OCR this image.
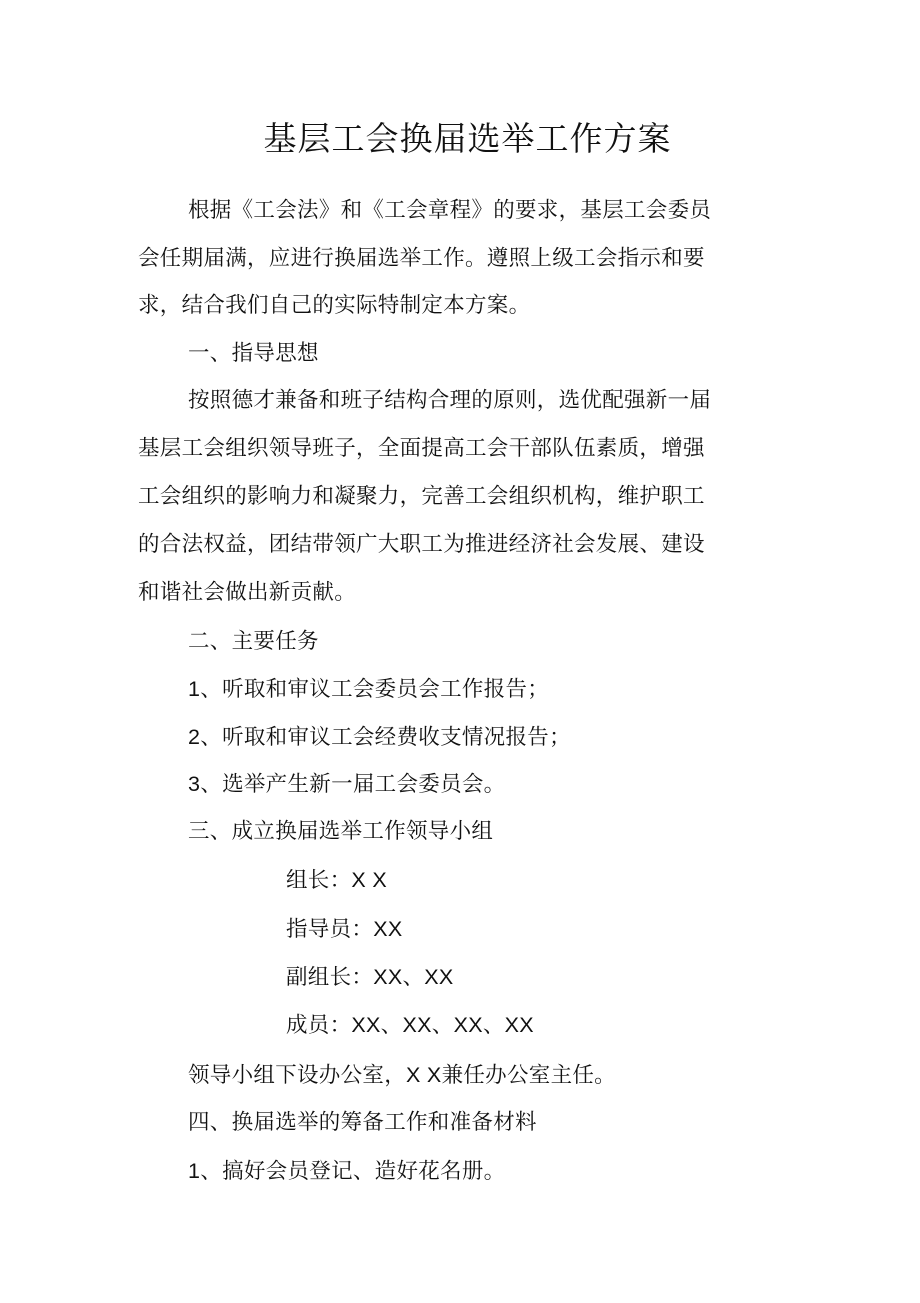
基层工会换届选举工作方案

根据《工会法》和《工会章程》的要求，基层工会委员

会任期届满，应进行换届选举工作。遵照上级工会指示和要

求，结合我们自己的实际特制定本方案。

一、指导思想

按照德才兼备和班子结构合理的原则，选优配强新一届

基层工会组织领导班子，全面提高工会干部队伍素质，增强

工会组织的影响力和凝聚力，完善工会组织机构，维护职工

的合法权益，团结带领广大职工为推进经济社会发展、建设

和谐社会做出新贡献。

二、主要任务

1、听取和审议工会委员会工作报告；

2、听取和审议工会经费收支情况报告；

3、选举产生新一届工会委员会。

三、成立换届选举工作领导小组

组长：X X

指导员：XX

副组长：XX、XX

成员：XX、XX、XX、XX

领导小组下设办公室，X X兼任办公室主任。

四、换届选举的筹备工作和准备材料

1、搞好会员登记、造好花名册。
